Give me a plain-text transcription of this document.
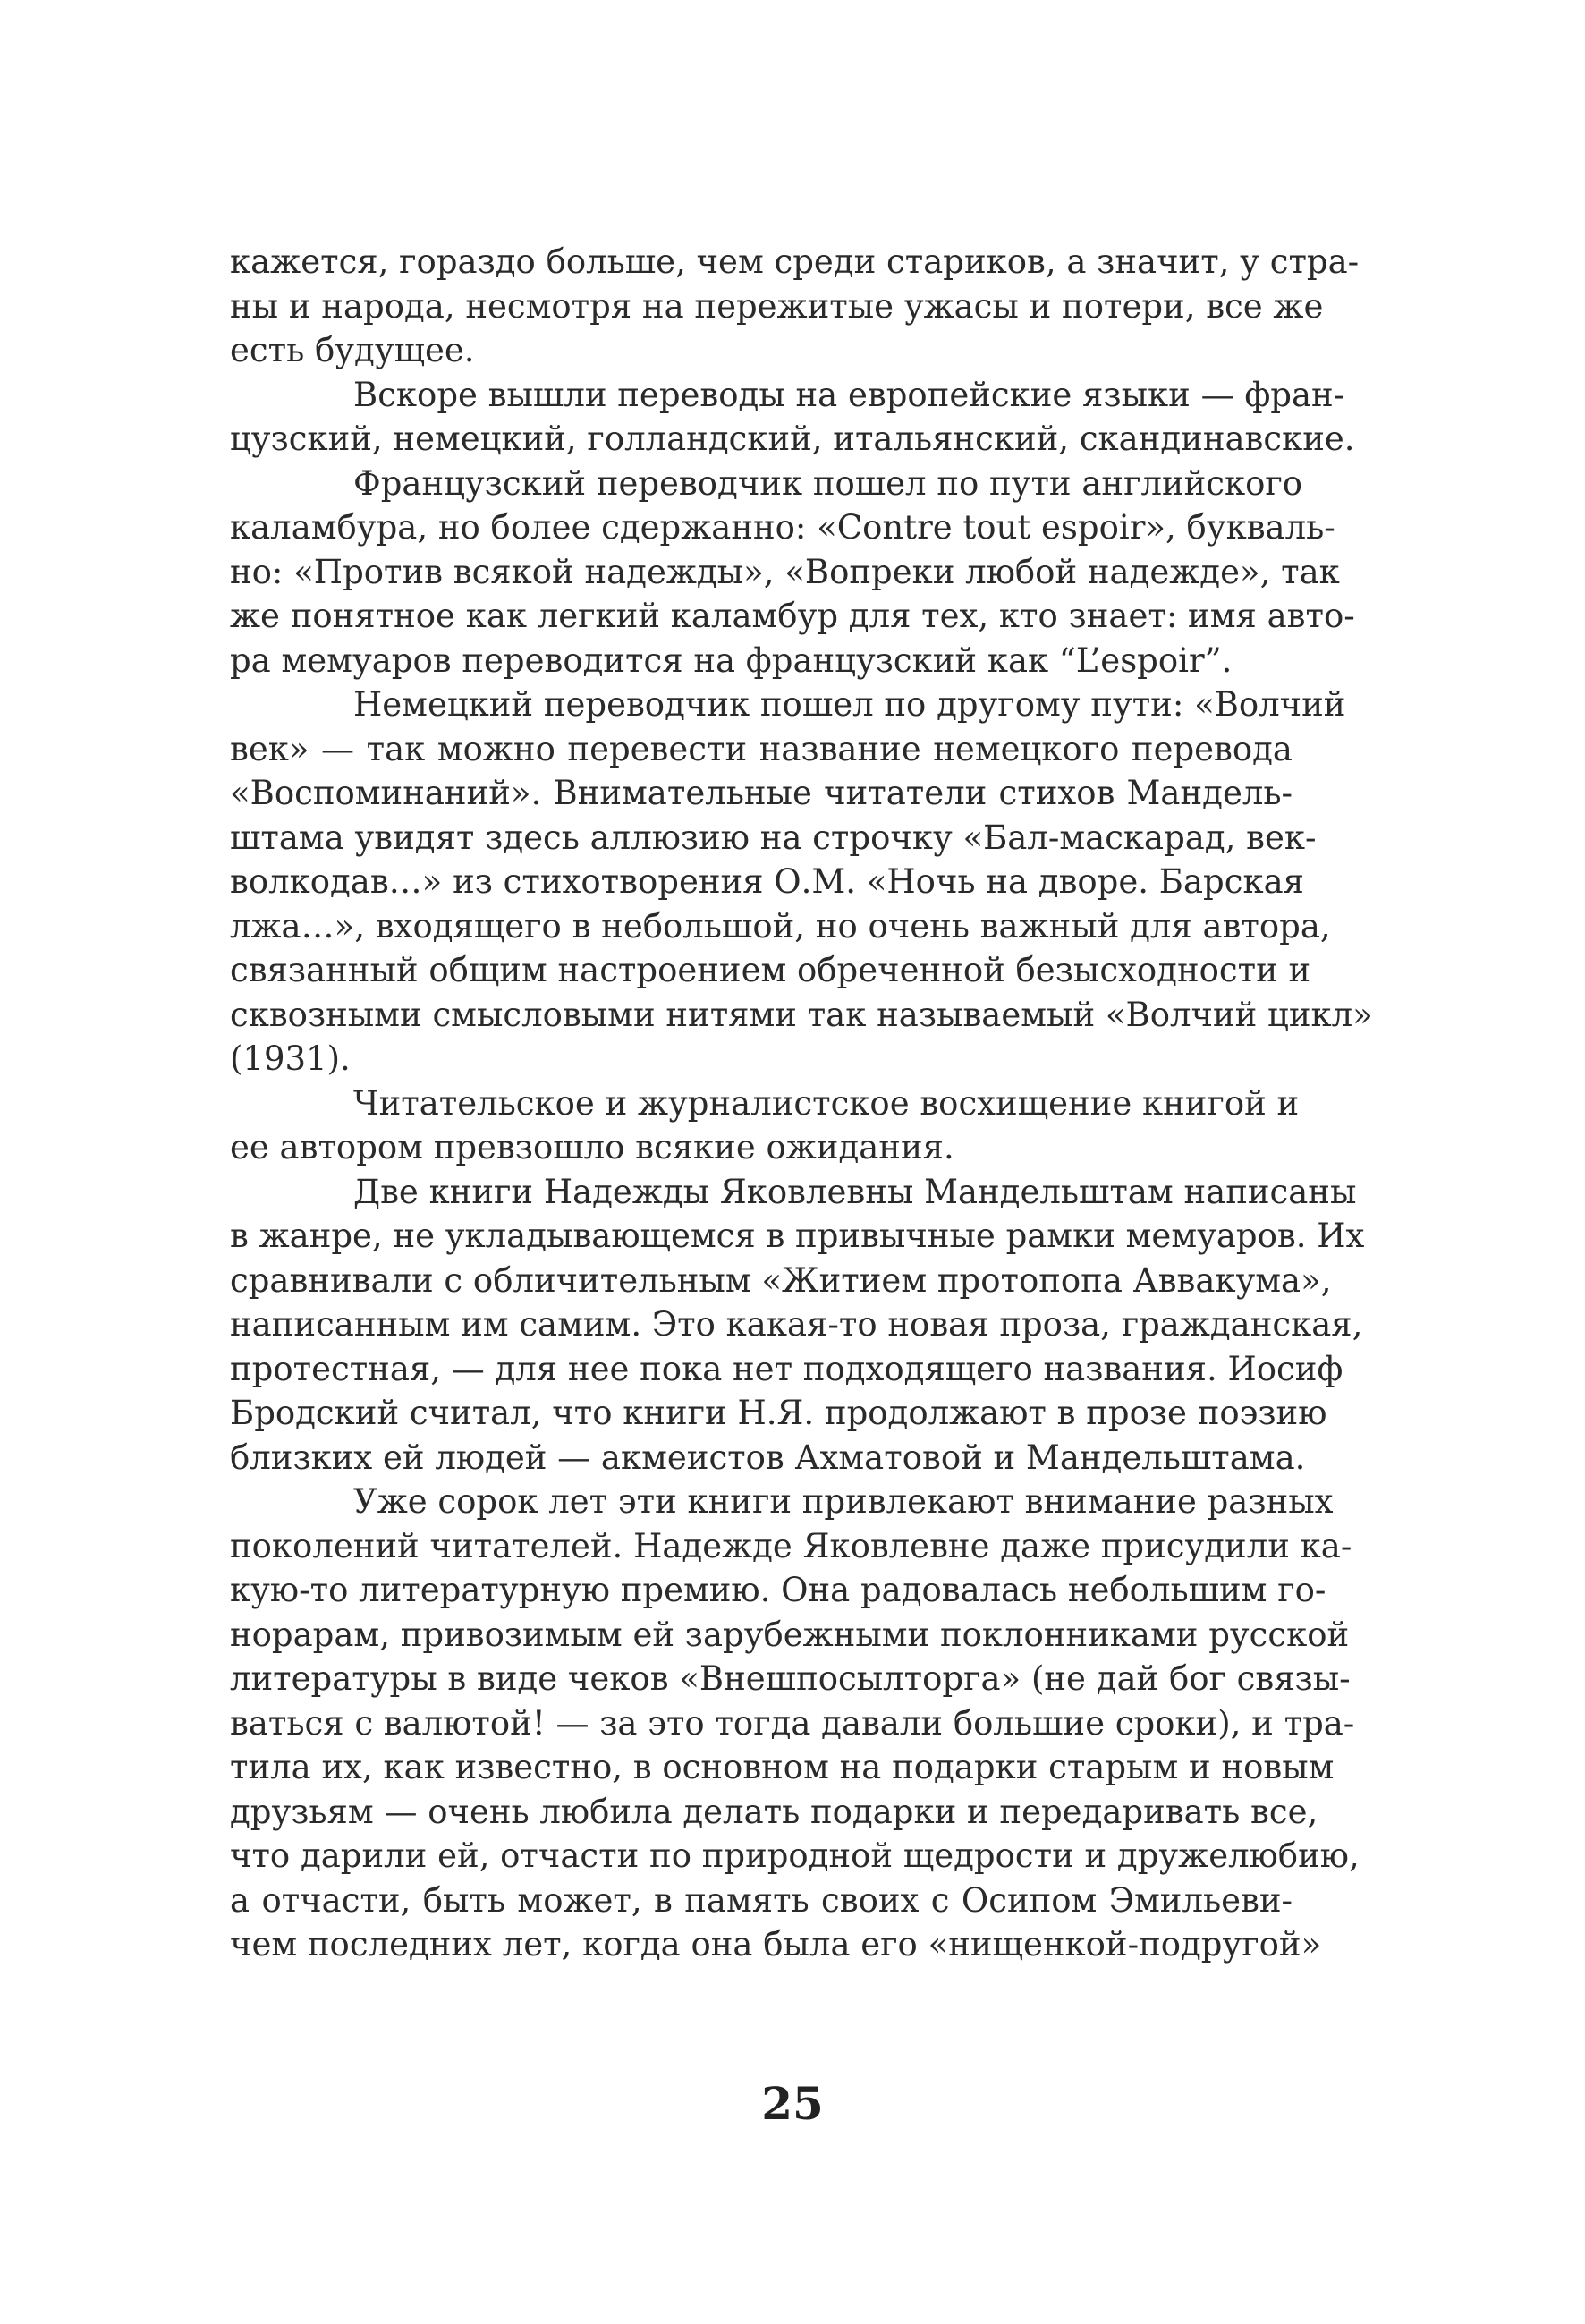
кажется, гораздо больше, чем среди стариков, а значит, у стра-
ны и народа, несмотря на пережитые ужасы и потери, все же
есть будущее.
Вскоре вышли переводы на европейские языки — фран-
цузский, немецкий, голландский, итальянский, скандинавские.
Французский переводчик пошел по пути английского
каламбура, но более сдержанно: «Contre tout espoir», букваль-
но: «Против всякой надежды», «Вопреки любой надежде», так
же понятное как легкий каламбур для тех, кто знает: имя авто-
ра мемуаров переводится на французский как “L’espoir”.
Немецкий переводчик пошел по другому пути: «Волчий
век» — так можно перевести название немецкого перевода
«Воспоминаний». Внимательные читатели стихов Мандель-
штама увидят здесь аллюзию на строчку «Бал-маскарад, век-
волкодав…» из стихотворения О.М. «Ночь на дворе. Барская
лжа…», входящего в небольшой, но очень важный для автора,
связанный общим настроением обреченной безысходности и
сквозными смысловыми нитями так называемый «Волчий цикл»
(1931).
Читательское и журналистское восхищение книгой и
ее автором превзошло всякие ожидания.
Две книги Надежды Яковлевны Мандельштам написаны
в жанре, не укладывающемся в привычные рамки мемуаров. Их
сравнивали с обличительным «Житием протопопа Аввакума»,
написанным им самим. Это какая-то новая проза, гражданская,
протестная, — для нее пока нет подходящего названия. Иосиф
Бродский считал, что книги Н.Я. продолжают в прозе поэзию
близких ей людей — акмеистов Ахматовой и Мандельштама.
Уже сорок лет эти книги привлекают внимание разных
поколений читателей. Надежде Яковлевне даже присудили ка-
кую-то литературную премию. Она радовалась небольшим го-
норарам, привозимым ей зарубежными поклонниками русской
литературы в виде чеков «Внешпосылторга» (не дай бог связы-
ваться с валютой! — за это тогда давали большие сроки), и тра-
тила их, как известно, в основном на подарки старым и новым
друзьям — очень любила делать подарки и передаривать все,
что дарили ей, отчасти по природной щедрости и дружелюбию,
а отчасти, быть может, в память своих с Осипом Эмильеви-
чем последних лет, когда она была его «нищенкой-подругой»
25
